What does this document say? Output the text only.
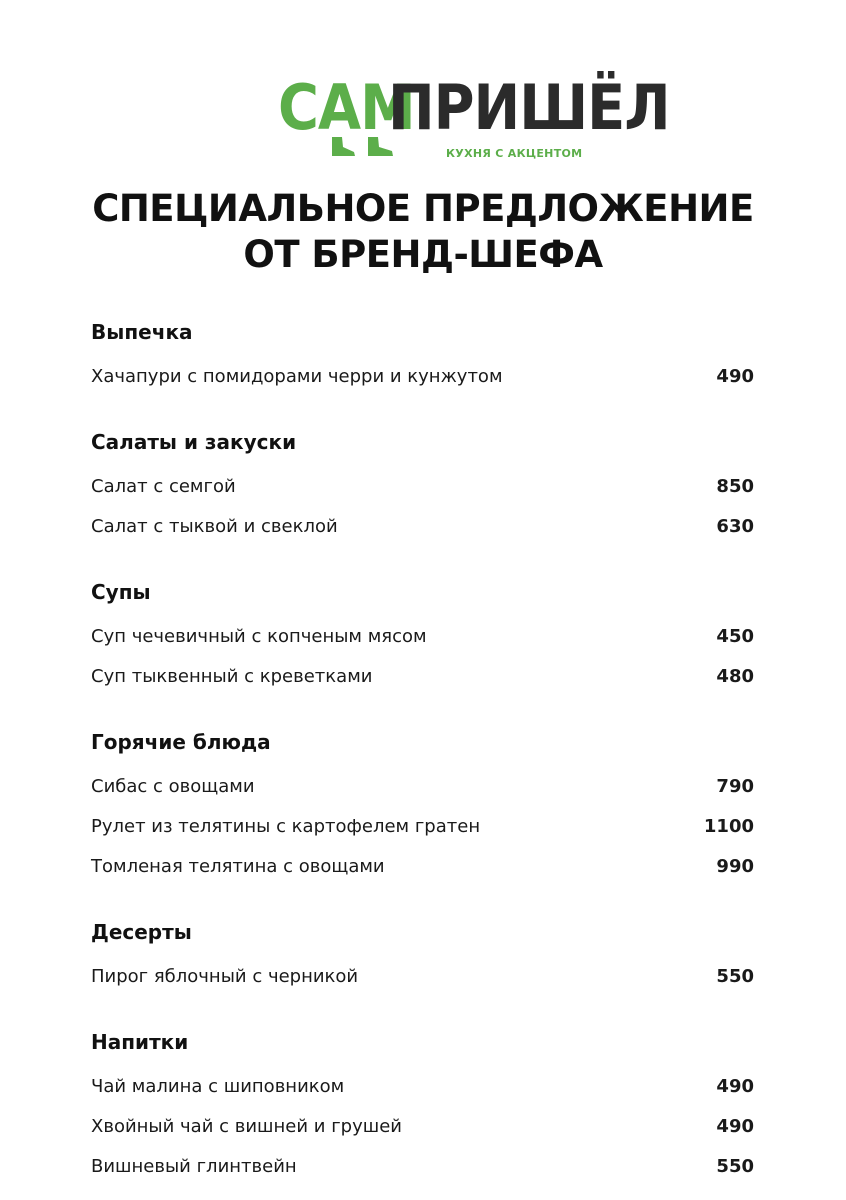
САМ
ПРИШЁЛ
КУХНЯ С АКЦЕНТОМ
СПЕЦИАЛЬНОЕ ПРЕДЛОЖЕНИЕ
ОТ БРЕНД-ШЕФА
Выпечка
Хачапури с помидорами черри и кунжутом	490
Салаты и закуски
Салат с семгой	850
Салат с тыквой и свеклой	630
Супы
Суп чечевичный с копченым мясом	450
Суп тыквенный с креветками	480
Горячие блюда
Сибас с овощами	790
Рулет из телятины с картофелем гратен	1100
Томленая телятина с овощами	990
Десерты
Пирог яблочный с черникой	550
Напитки
Чай малина с шиповником	490
Хвойный чай с вишней и грушей	490
Вишневый глинтвейн	550
